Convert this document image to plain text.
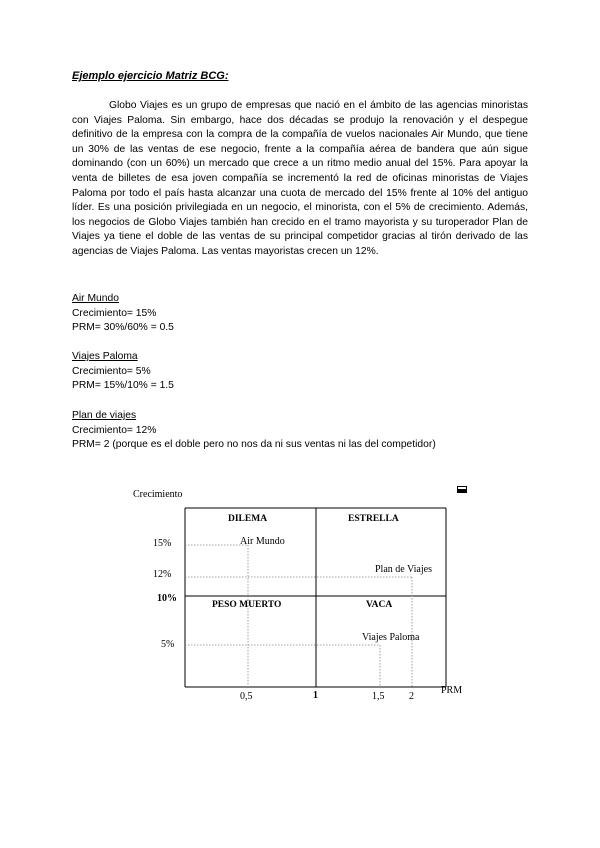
Ejemplo ejercicio Matriz BCG:

Globo Viajes es un grupo de empresas que nació en el ámbito de las agencias minoristas con Viajes Paloma. Sin embargo, hace dos décadas se produjo la renovación y el despegue definitivo de la empresa con la compra de la compañía de vuelos nacionales Air Mundo, que tiene un 30% de las ventas de ese negocio, frente a la compañía aérea de bandera que aún sigue dominando (con un 60%) un mercado que crece a un ritmo medio anual del 15%. Para apoyar la venta de billetes de esa joven compañía se incrementó la red de oficinas minoristas de Viajes Paloma por todo el país hasta alcanzar una cuota de mercado del 15% frente al 10% del antiguo líder. Es una posición privilegiada en un negocio, el minorista, con el 5% de crecimiento. Además, los negocios de Globo Viajes también han crecido en el tramo mayorista y su turoperador Plan de Viajes ya tiene el doble de las ventas de su principal competidor gracias al tirón derivado de las agencias de Viajes Paloma. Las ventas mayoristas crecen un 12%.

Air Mundo
Crecimiento= 15%
PRM= 30%/60% = 0.5
Viajes Paloma
Crecimiento= 5%
PRM= 15%/10% = 1.5
Plan de viajes
Crecimiento= 12%
PRM= 2 (porque es el doble pero no nos da ni sus ventas ni las del competidor)
Crecimiento
PRM
DILEMA	ESTRELLA
PESO MUERTO	VACA
15%
12%
10%
5%
0,5	1	1,5 2
Air Mundo
Plan de Viajes
Viajes Paloma
